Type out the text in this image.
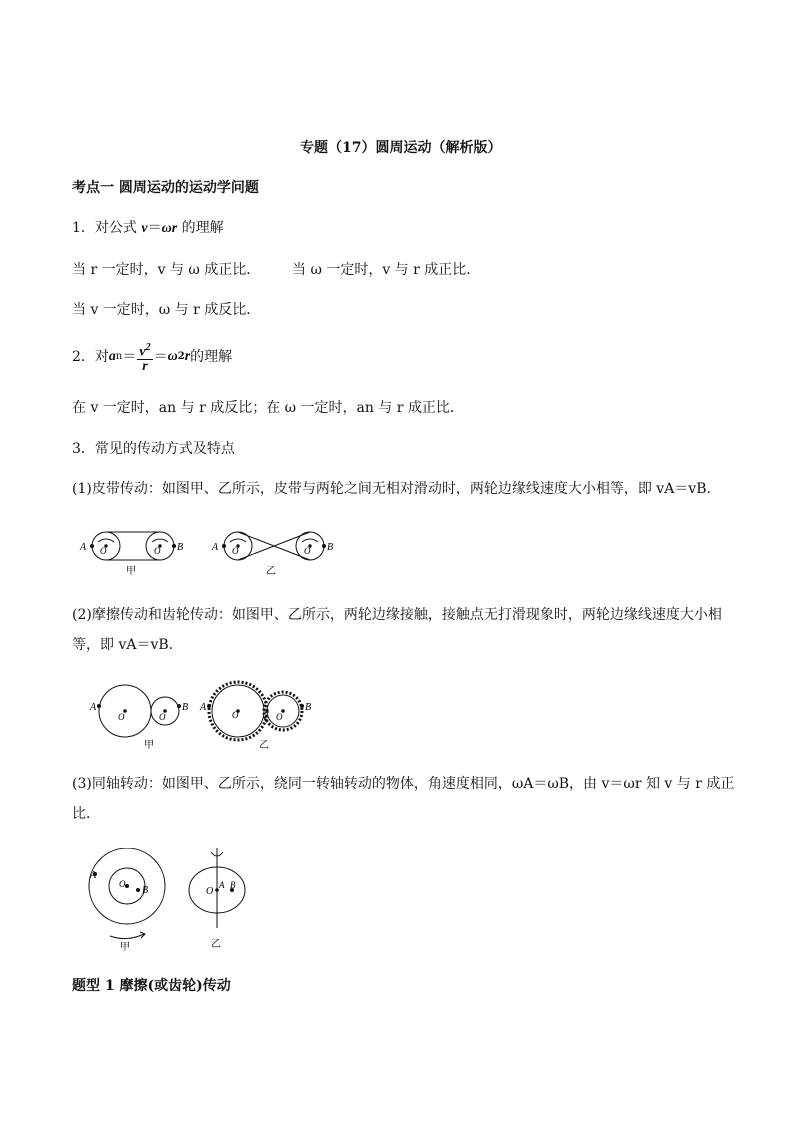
专题（17）圆周运动（解析版）
考点一 圆周运动的运动学问题
1．对公式 v＝ωr 的理解
当 r 一定时，v 与 ω 成正比． 当 ω 一定时，v 与 r 成正比．
当 v 一定时，ω 与 r 成反比．
2．对 a $n = \frac{v^2}{r} = \omega$ 2 r 的理解
在 v 一定时，an 与 r 成反比；在 ω 一定时，an 与 r 成正比．
3．常见的传动方式及特点
(1)皮带传动：如图甲、乙所示，皮带与两轮之间无相对滑动时，两轮边缘线速度大小相等，即 vA＝vB.
A	B
O	O
甲
A	B
O	O
乙
(2)摩擦传动和齿轮传动：如图甲、乙所示，两轮边缘接触，接触点无打滑现象时，两轮边缘线速度大小相
等，即 vA＝vB.
A	B
O	O
甲
A	B
O	O
乙
(3)同轴转动：如图甲、乙所示，绕同一转轴转动的物体，角速度相同，ωA＝ωB，由 v＝ωr 知 v 与 r 成正
比．
A
B
O
甲
O
A B
乙
题型 1 摩擦(或齿轮)传动
